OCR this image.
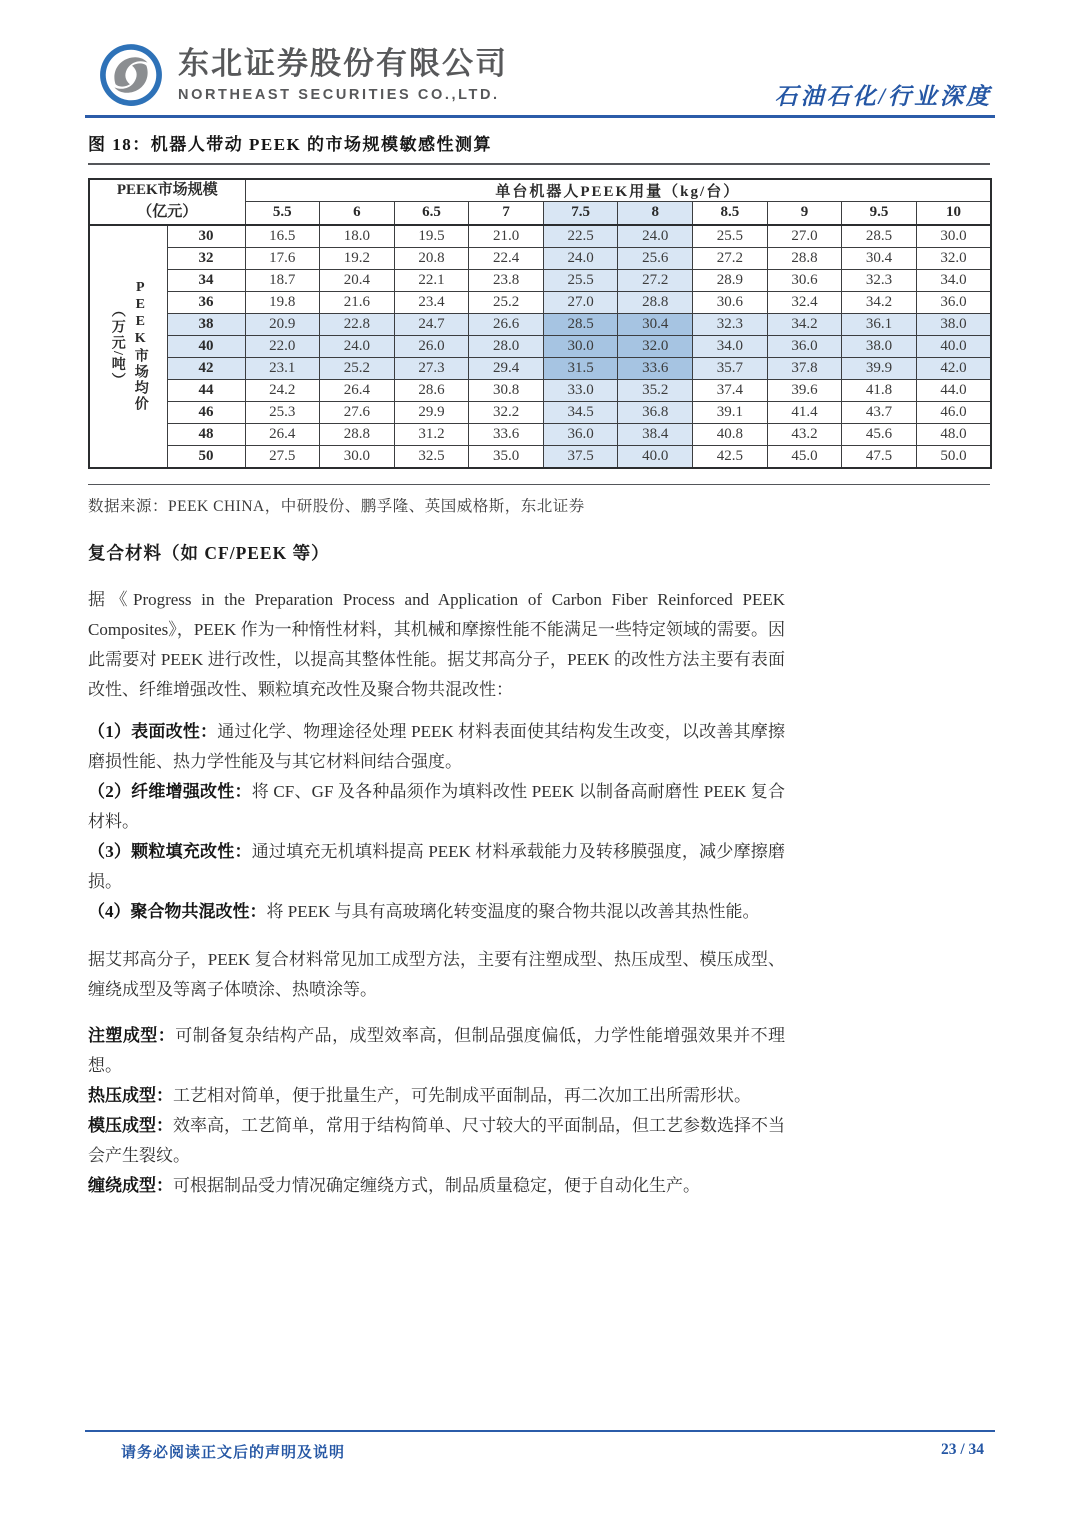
东北证券股份有限公司
NORTHEAST SECURITIES CO.,LTD.	石油石化/行业深度
图 18：机器人带动 PEEK 的市场规模敏感性测算
PEEK市场规模
（亿元）		单台机器人PEEK用量（kg/台）									
		5.5	6	6.5	7	7.5	8	8.5	9	9.5	10

（万元/吨） PEEK市场均价	30	16.5	18.0	19.5	21.0	22.5	24.0	25.5	27.0	28.5	30.0
	32	17.6	19.2	20.8	22.4	24.0	25.6	27.2	28.8	30.4	32.0
	34	18.7	20.4	22.1	23.8	25.5	27.2	28.9	30.6	32.3	34.0
	36	19.8	21.6	23.4	25.2	27.0	28.8	30.6	32.4	34.2	36.0
	38	20.9	22.8	24.7	26.6	28.5	30.4	32.3	34.2	36.1	38.0
	40	22.0	24.0	26.0	28.0	30.0	32.0	34.0	36.0	38.0	40.0
	42	23.1	25.2	27.3	29.4	31.5	33.6	35.7	37.8	39.9	42.0
	44	24.2	26.4	28.6	30.8	33.0	35.2	37.4	39.6	41.8	44.0
	46	25.3	27.6	29.9	32.2	34.5	36.8	39.1	41.4	43.7	46.0
	48	26.4	28.8	31.2	33.6	36.0	38.4	40.8	43.2	45.6	48.0
	50	27.5	30.0	32.5	35.0	37.5	40.0	42.5	45.0	47.5	50.0
数据来源：PEEK CHINA，中研股份、鹏孚隆、英国威格斯，东北证券
复合材料（如 CF/PEEK 等）

据《Progress in the Preparation Process and Application of Carbon Fiber Reinforced PEEK Composites》，PEEK 作为一种惰性材料，其机械和摩擦性能不能满足一些特定领域的需要。因此需要对 PEEK 进行改性，以提高其整体性能。据艾邦高分子，PEEK 的改性方法主要有表面改性、纤维增强改性、颗粒填充改性及聚合物共混改性：

（1）表面改性：通过化学、物理途径处理 PEEK 材料表面使其结构发生改变，以改善其摩擦磨损性能、热力学性能及与其它材料间结合强度。

（2）纤维增强改性：将 CF、GF 及各种晶须作为填料改性 PEEK 以制备高耐磨性 PEEK 复合材料。

（3）颗粒填充改性：通过填充无机填料提高 PEEK 材料承载能力及转移膜强度，减少摩擦磨损。

（4）聚合物共混改性：将 PEEK 与具有高玻璃化转变温度的聚合物共混以改善其热性能。

据艾邦高分子，PEEK 复合材料常见加工成型方法，主要有注塑成型、热压成型、模压成型、缠绕成型及等离子体喷涂、热喷涂等。

注塑成型：可制备复杂结构产品，成型效率高，但制品强度偏低，力学性能增强效果并不理想。

热压成型：工艺相对简单，便于批量生产，可先制成平面制品，再二次加工出所需形状。

模压成型：效率高，工艺简单，常用于结构简单、尺寸较大的平面制品，但工艺参数选择不当会产生裂纹。

缠绕成型：可根据制品受力情况确定缠绕方式，制品质量稳定，便于自动化生产。

请务必阅读正文后的声明及说明	23 / 34
